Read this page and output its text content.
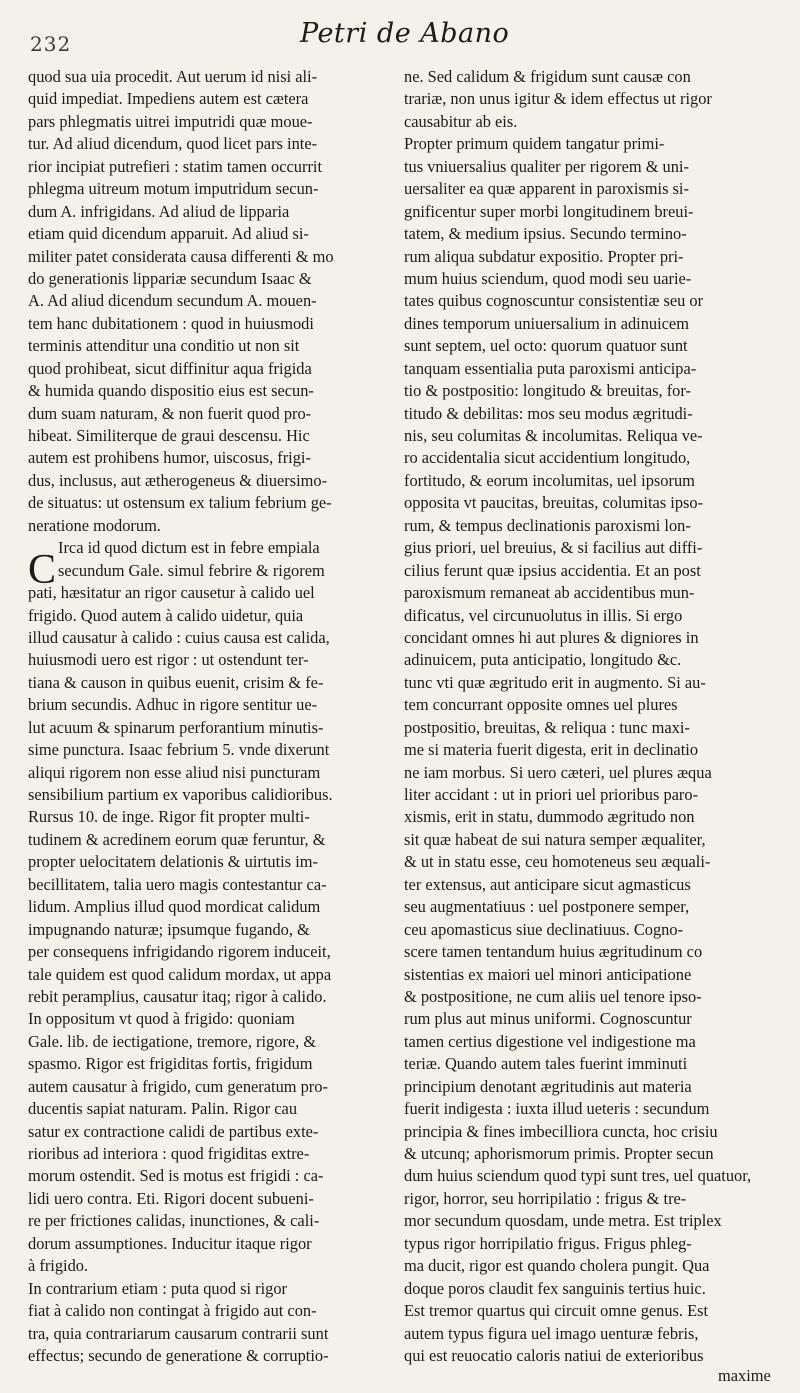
232	Petri de Abano
quod sua uia procedit. Aut uerum id nisi ali-
quid impediat. Impediens autem est cætera
pars phlegmatis uitrei imputridi quæ moue-
tur. Ad aliud dicendum, quod licet pars inte-
rior incipiat putrefieri : statim tamen occurrit
phlegma uitreum motum imputridum secun-
dum A. infrigidans. Ad aliud de lipparia
etiam quid dicendum apparuit. Ad aliud si-
militer patet considerata causa differenti & mo
do generationis lippariæ secundum Isaac &
A. Ad aliud dicendum secundum A. mouen-
tem hanc dubitationem : quod in huiusmodi
terminis attenditur una conditio ut non sit
quod prohibeat, sicut diffinitur aqua frigida
& humida quando dispositio eius est secun-
dum suam naturam, & non fuerit quod pro-
hibeat. Similiterque de graui descensu. Hic
autem est prohibens humor, uiscosus, frigi-
dus, inclusus, aut ætherogeneus & diuersimo-
de situatus: ut ostensum ex talium febrium ge-
neratione modorum.
Irca id quod dictum est in febre empiala
secundum Gale. simul febrire & rigorem
pati, hæsitatur an rigor causetur à calido uel
frigido. Quod autem à calido uidetur, quia
illud causatur à calido : cuius causa est calida,
huiusmodi uero est rigor : ut ostendunt ter-
tiana & causon in quibus euenit, crisim & fe-
brium secundis. Adhuc in rigore sentitur ue-
lut acuum & spinarum perforantium minutis-
sime punctura. Isaac febrium 5. vnde dixerunt
aliqui rigorem non esse aliud nisi puncturam
sensibilium partium ex vaporibus calidioribus.
Rursus 10. de inge. Rigor fit propter multi-
tudinem & acredinem eorum quæ feruntur, &
propter uelocitatem delationis & uirtutis im-
becillitatem, talia uero magis contestantur ca-
lidum. Amplius illud quod mordicat calidum
impugnando naturæ; ipsumque fugando, &
per consequens infrigidando rigorem induceit,
tale quidem est quod calidum mordax, ut appa
rebit peramplius, causatur itaq; rigor à calido.
In oppositum vt quod à frigido: quoniam
Gale. lib. de iectigatione, tremore, rigore, &
spasmo. Rigor est frigiditas fortis, frigidum
autem causatur à frigido, cum generatum pro-
ducentis sapiat naturam. Palin. Rigor cau
satur ex contractione calidi de partibus exte-
rioribus ad interiora : quod frigiditas extre-
morum ostendit. Sed is motus est frigidi : ca-
lidi uero contra. Eti. Rigori docent subueni-
re per frictiones calidas, inunctiones, & cali-
dorum assumptiones. Inducitur itaque rigor
à frigido.
In contrarium etiam : puta quod si rigor
fiat à calido non contingat à frigido aut con-
tra, quia contrariarum causarum contrarii sunt
effectus; secundo de generatione & corruptio-
C
ne. Sed calidum & frigidum sunt causæ con
trariæ, non unus igitur & idem effectus ut rigor
causabitur ab eis.
Propter primum quidem tangatur primi-
tus vniuersalius qualiter per rigorem & uni-
uersaliter ea quæ apparent in paroxismis si-
gnificentur super morbi longitudinem breui-
tatem, & medium ipsius. Secundo termino-
rum aliqua subdatur expositio. Propter pri-
mum huius sciendum, quod modi seu uarie-
tates quibus cognoscuntur consistentiæ seu or
dines temporum uniuersalium in adinuicem
sunt septem, uel octo: quorum quatuor sunt
tanquam essentialia puta paroxismi anticipa-
tio & postpositio: longitudo & breuitas, for-
titudo & debilitas: mos seu modus ægritudi-
nis, seu columitas & incolumitas. Reliqua ve-
ro accidentalia sicut accidentium longitudo,
fortitudo, & eorum incolumitas, uel ipsorum
opposita vt paucitas, breuitas, columitas ipso-
rum, & tempus declinationis paroxismi lon-
gius priori, uel breuius, & si facilius aut diffi-
cilius ferunt quæ ipsius accidentia. Et an post
paroxismum remaneat ab accidentibus mun-
dificatus, vel circunuolutus in illis. Si ergo
concidant omnes hi aut plures & digniores in
adinuicem, puta anticipatio, longitudo &c.
tunc vti quæ ægritudo erit in augmento. Si au-
tem concurrant opposite omnes uel plures
postpositio, breuitas, & reliqua : tunc maxi-
me si materia fuerit digesta, erit in declinatio
ne iam morbus. Si uero cæteri, uel plures æqua
liter accidant : ut in priori uel prioribus paro-
xismis, erit in statu, dummodo ægritudo non
sit quæ habeat de sui natura semper æqualiter,
& ut in statu esse, ceu homoteneus seu æquali-
ter extensus, aut anticipare sicut agmasticus
seu augmentatiuus : uel postponere semper,
ceu apomasticus siue declinatiuus. Cogno-
scere tamen tentandum huius ægritudinum co
sistentias ex maiori uel minori anticipatione
& postpositione, ne cum aliis uel tenore ipso-
rum plus aut minus uniformi. Cognoscuntur
tamen certius digestione vel indigestione ma
teriæ. Quando autem tales fuerint imminuti
principium denotant ægritudinis aut materia
fuerit indigesta : iuxta illud ueteris : secundum
principia & fines imbecilliora cuncta, hoc crisiu
& utcunq; aphorismorum primis. Propter secun
dum huius sciendum quod typi sunt tres, uel quatuor,
rigor, horror, seu horripilatio : frigus & tre-
mor secundum quosdam, unde metra. Est triplex
typus rigor horripilatio frigus. Frigus phleg-
ma ducit, rigor est quando cholera pungit. Qua
doque poros claudit fex sanguinis tertius huic.
Est tremor quartus qui circuit omne genus. Est
autem typus figura uel imago uenturæ febris,
qui est reuocatio caloris natiui de exterioribus
maxime
